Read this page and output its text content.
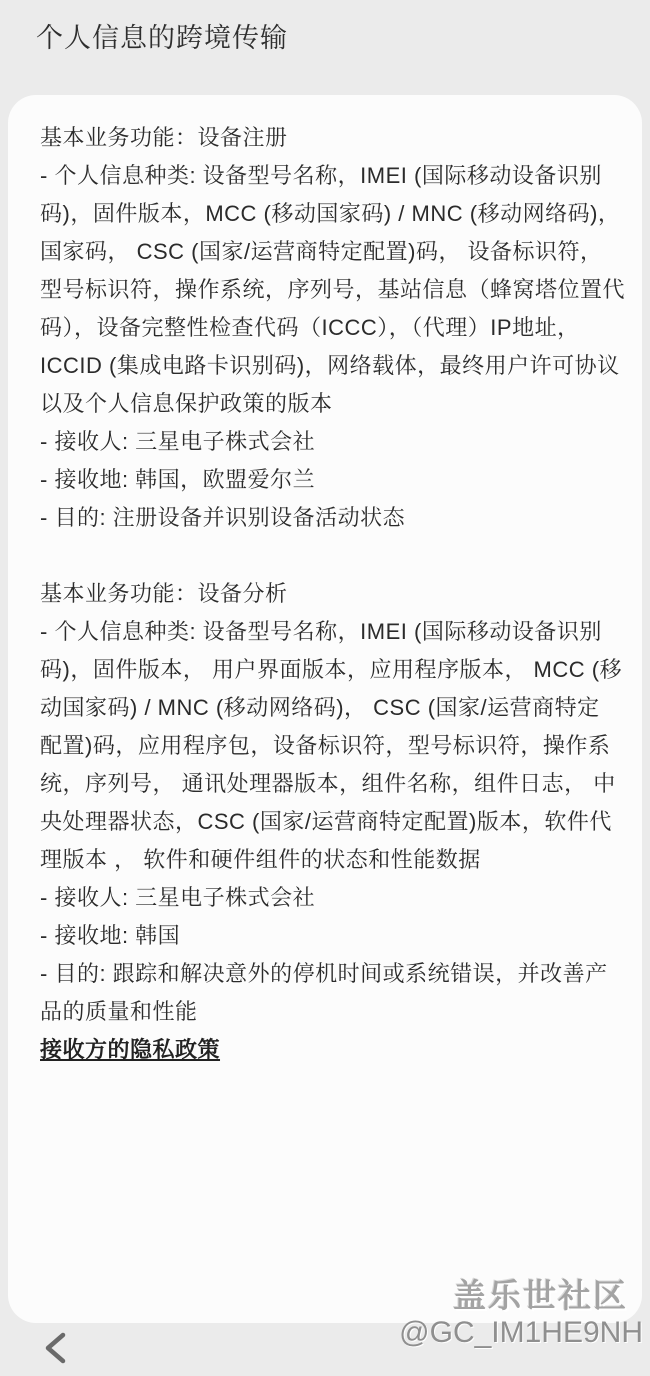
个人信息的跨境传输
基本业务功能：设备注册
- 个人信息种类: 设备型号名称，IMEI (国际移动设备识别
码)，固件版本，MCC (移动国家码) / MNC (移动网络码)，
国家码， CSC (国家/运营商特定配置)码， 设备标识符，
型号标识符，操作系统，序列号，基站信息（蜂窝塔位置代
码），设备完整性检查代码（ICCC），（代理）IP地址，
ICCID (集成电路卡识别码)，网络载体，最终用户许可协议
以及个人信息保护政策的版本
- 接收人: 三星电子株式会社
- 接收地: 韩国，欧盟爱尔兰
- 目的: 注册设备并识别设备活动状态
基本业务功能：设备分析
- 个人信息种类: 设备型号名称，IMEI (国际移动设备识别
码)，固件版本， 用户界面版本，应用程序版本， MCC (移
动国家码) / MNC (移动网络码)， CSC (国家/运营商特定
配置)码，应用程序包，设备标识符，型号标识符，操作系
统，序列号， 通讯处理器版本，组件名称，组件日志， 中
央处理器状态，CSC (国家/运营商特定配置)版本，软件代
理版本 ， 软件和硬件组件的状态和性能数据
- 接收人: 三星电子株式会社
- 接收地: 韩国
- 目的: 跟踪和解决意外的停机时间或系统错误，并改善产
品的质量和性能
接收方的隐私政策
盖乐世社区
@GC_IM1HE9NH
